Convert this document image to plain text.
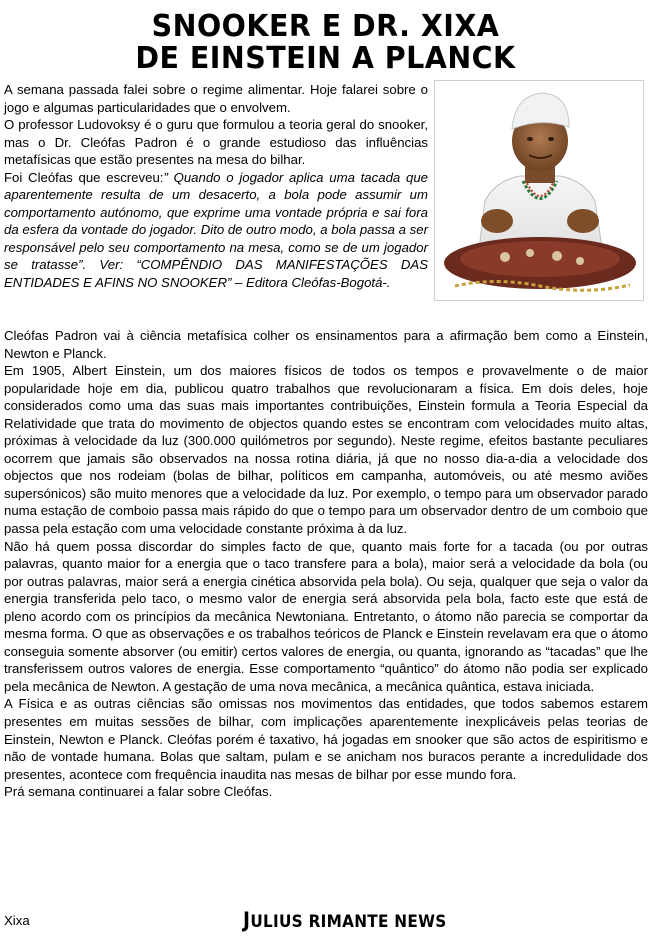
SNOOKER E DR. XIXA
DE EINSTEIN A PLANCK

A semana passada falei sobre o regime alimentar. Hoje falarei sobre o jogo e algumas particularidades que o envolvem.

O professor Ludovoksy é o guru que formulou a teoria geral do snooker, mas o Dr. Cleófas Padron é o grande estudioso das influências metafísicas que estão presentes na mesa do bilhar.

Foi Cleófas que escreveu:” Quando o jogador aplica uma tacada que aparentemente resulta de um desacerto, a bola pode assumir um comportamento autónomo, que exprime uma vontade própria e sai fora da esfera da vontade do jogador. Dito de outro modo, a bola passa a ser responsável pelo seu comportamento na mesa, como se de um jogador se tratasse”. Ver: “COMPÊNDIO DAS MANIFESTAÇÕES DAS ENTIDADES E AFINS NO SNOOKER” – Editora Cleófas-Bogotá-.

Cleófas Padron vai à ciência metafísica colher os ensinamentos para a afirmação bem como a Einstein, Newton e Planck.

Em 1905, Albert Einstein, um dos maiores físicos de todos os tempos e provavelmente o de maior popularidade hoje em dia, publicou quatro trabalhos que revolucionaram a física. Em dois deles, hoje considerados como uma das suas mais importantes contribuições, Einstein formula a Teoria Especial da Relatividade que trata do movimento de objectos quando estes se encontram com velocidades muito altas, próximas à velocidade da luz (300.000 quilómetros por segundo). Neste regime, efeitos bastante peculiares ocorrem que jamais são observados na nossa rotina diária, já que no nosso dia-a-dia a velocidade dos objectos que nos rodeiam (bolas de bilhar, políticos em campanha, automóveis, ou até mesmo aviões supersónicos) são muito menores que a velocidade da luz. Por exemplo, o tempo para um observador parado numa estação de comboio passa mais rápido do que o tempo para um observador dentro de um comboio que passa pela estação com uma velocidade constante próxima à da luz.

Não há quem possa discordar do simples facto de que, quanto mais forte for a tacada (ou por outras palavras, quanto maior for a energia que o taco transfere para a bola), maior será a velocidade da bola (ou por outras palavras, maior será a energia cinética absorvida pela bola). Ou seja, qualquer que seja o valor da energia transferida pelo taco, o mesmo valor de energia será absorvida pela bola, facto este que está de pleno acordo com os princípios da mecânica Newtoniana. Entretanto, o átomo não parecia se comportar da mesma forma. O que as observações e os trabalhos teóricos de Planck e Einstein revelavam era que o átomo conseguia somente absorver (ou emitir) certos valores de energia, ou quanta, ignorando as “tacadas” que lhe transferissem outros valores de energia. Esse comportamento “quântico” do átomo não podia ser explicado pela mecânica de Newton. A gestação de uma nova mecânica, a mecânica quântica, estava iniciada.

A Física e as outras ciências são omissas nos movimentos das entidades, que todos sabemos estarem presentes em muitas sessões de bilhar, com implicações aparentemente inexplicáveis pelas teorias de Einstein, Newton e Planck. Cleófas porém é taxativo, há jogadas em snooker que são actos de espiritismo e não de vontade humana. Bolas que saltam, pulam e se anicham nos buracos perante a incredulidade dos presentes, acontece com frequência inaudita nas mesas de bilhar por esse mundo fora.

Prá semana continuarei a falar sobre Cleófas.

Xixa	JULIUS RIMANTE NEWS
